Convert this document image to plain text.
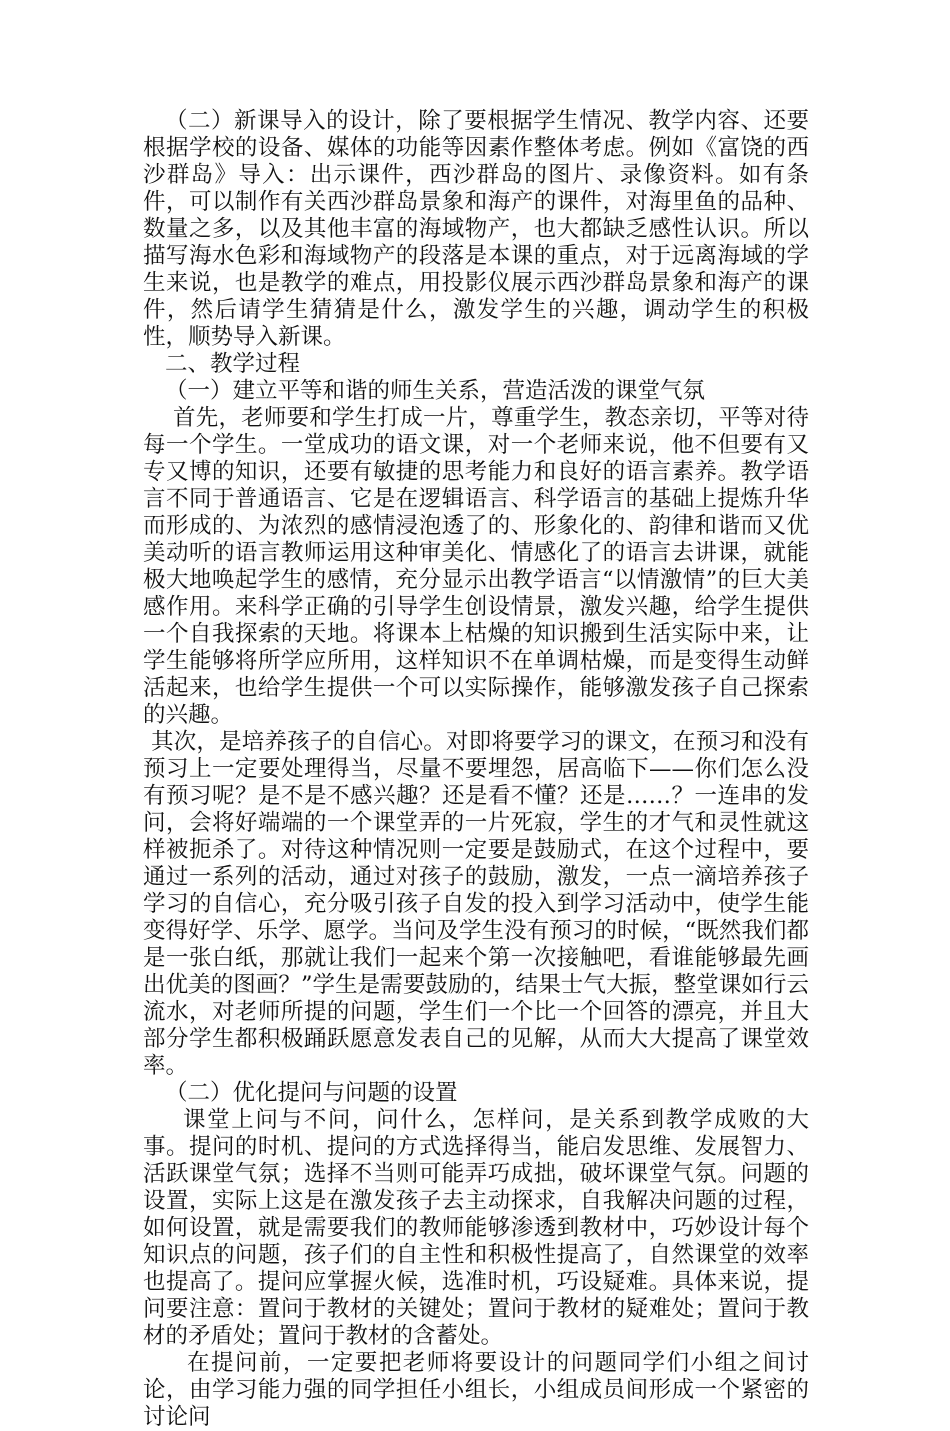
（二）新课导入的设计，除了要根据学生情况、教学内容、还要根据学校的设备、媒体的功能等因素作整体考虑。例如《富饶的西沙群岛》导入：出示课件，西沙群岛的图片、录像资料。如有条件，可以制作有关西沙群岛景象和海产的课件，对海里鱼的品种、数量之多，以及其他丰富的海域物产，也大都缺乏感性认识。所以描写海水色彩和海域物产的段落是本课的重点，对于远离海域的学生来说，也是教学的难点，用投影仪展示西沙群岛景象和海产的课件，然后请学生猜猜是什么，激发学生的兴趣，调动学生的积极性，顺势导入新课。

二、教学过程

（一）建立平等和谐的师生关系，营造活泼的课堂气氛

首先，老师要和学生打成一片，尊重学生，教态亲切，平等对待每一个学生。一堂成功的语文课，对一个老师来说，他不但要有又专又博的知识，还要有敏捷的思考能力和良好的语言素养。教学语言不同于普通语言、它是在逻辑语言、科学语言的基础上提炼升华而形成的、为浓烈的感情浸泡透了的、形象化的、韵律和谐而又优美动听的语言教师运用这种审美化、情感化了的语言去讲课，就能极大地唤起学生的感情，充分显示出教学语言“以情激情”的巨大美感作用。来科学正确的引导学生创设情景，激发兴趣，给学生提供一个自我探索的天地。将课本上枯燥的知识搬到生活实际中来，让学生能够将所学应所用，这样知识不在单调枯燥，而是变得生动鲜活起来，也给学生提供一个可以实际操作，能够激发孩子自己探索的兴趣。

其次，是培养孩子的自信心。对即将要学习的课文，在预习和没有预习上一定要处理得当，尽量不要埋怨，居高临下——你们怎么没有预习呢？是不是不感兴趣？还是看不懂？还是……？一连串的发问，会将好端端的一个课堂弄的一片死寂，学生的才气和灵性就这样被扼杀了。对待这种情况则一定要是鼓励式，在这个过程中，要通过一系列的活动，通过对孩子的鼓励，激发，一点一滴培养孩子学习的自信心，充分吸引孩子自发的投入到学习活动中，使学生能变得好学、乐学、愿学。当问及学生没有预习的时候，“既然我们都是一张白纸，那就让我们一起来个第一次接触吧，看谁能够最先画出优美的图画？”学生是需要鼓励的，结果士气大振，整堂课如行云流水，对老师所提的问题，学生们一个比一个回答的漂亮，并且大部分学生都积极踊跃愿意发表自己的见解，从而大大提高了课堂效率。

（二）优化提问与问题的设置

课堂上问与不问，问什么，怎样问，是关系到教学成败的大事。提问的时机、提问的方式选择得当，能启发思维、发展智力、活跃课堂气氛；选择不当则可能弄巧成拙，破坏课堂气氛。问题的设置，实际上这是在激发孩子去主动探求，自我解决问题的过程，如何设置，就是需要我们的教师能够渗透到教材中，巧妙设计每个知识点的问题，孩子们的自主性和积极性提高了，自然课堂的效率也提高了。提问应掌握火候，选准时机，巧设疑难。具体来说，提问要注意：置问于教材的关键处；置问于教材的疑难处；置问于教材的矛盾处；置问于教材的含蓄处。

在提问前，一定要把老师将要设计的问题同学们小组之间讨论，由学习能力强的同学担任小组长，小组成员间形成一个紧密的讨论问
